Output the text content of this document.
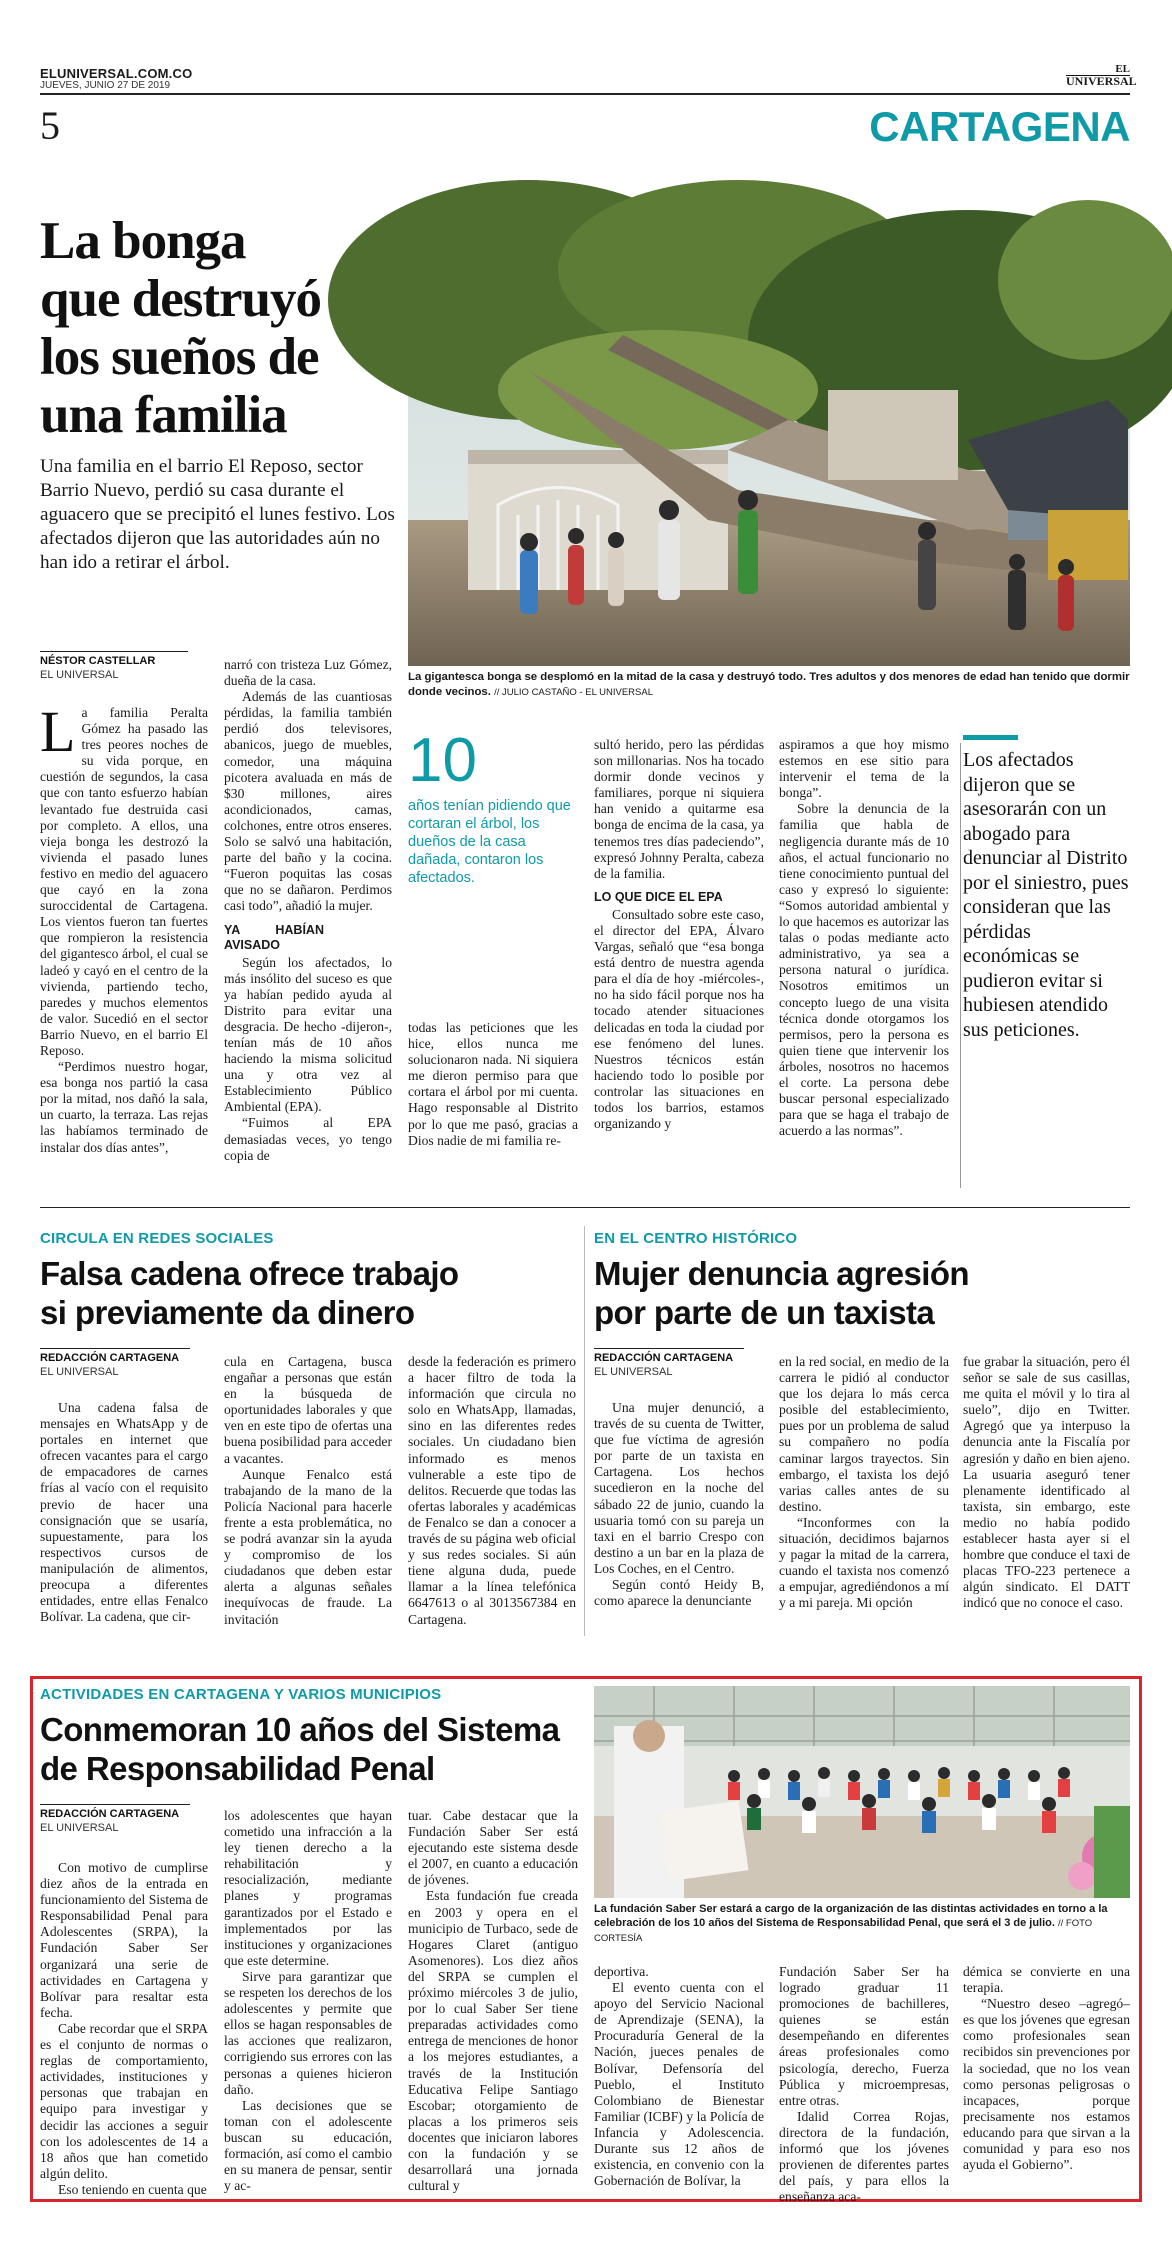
ELUNIVERSAL.COM.CO
JUEVES, JUNIO 27 DE 2019
EL
UNIVERSAL
5	CARTAGENA
La bonga
que destruyó
los sueños de
una familia
Una familia en el barrio El Reposo, sector Barrio Nuevo, perdió su casa durante el aguacero que se precipitó el lunes festivo. Los afectados dijeron que las autoridades aún no han ido a retirar el árbol.
La gigantesca bonga se desplomó en la mitad de la casa y destruyó todo. Tres adultos y dos menores de edad han tenido que dormir donde vecinos. // JULIO CASTAÑO - EL UNIVERSAL
NÉSTOR CASTELLAR
EL UNIVERSAL
L a familia Peralta Gómez ha pasado las tres peores noches de su vida porque, en cuestión de segundos, la casa que con tanto esfuerzo habían levantado fue destruida casi por completo. A ellos, una vieja bonga les destrozó la vivienda el pasado lunes festivo en medio del aguacero que cayó en la zona suroccidental de Cartagena. Los vientos fueron tan fuertes que rompieron la resistencia del gigantesco árbol, el cual se ladeó y cayó en el centro de la vivienda, partiendo techo, paredes y muchos elementos de valor. Sucedió en el sector Barrio Nuevo, en el barrio El Reposo.

“Perdimos nuestro hogar, esa bonga nos partió la casa por la mitad, nos dañó la sala, un cuarto, la terraza. Las rejas las habíamos terminado de instalar dos días antes”,

narró con tristeza Luz Gómez, dueña de la casa.

Además de las cuantiosas pérdidas, la familia también perdió dos televisores, abanicos, juego de muebles, comedor, una máquina picotera avaluada en más de $30 millones, aires acondicionados, camas, colchones, entre otros enseres. Solo se salvó una habitación, parte del baño y la cocina. “Fueron poquitas las cosas que no se dañaron. Perdimos casi todo”, añadió la mujer.

YA HABÍAN AVISADO

Según los afectados, lo más insólito del suceso es que ya habían pedido ayuda al Distrito para evitar una desgracia. De hecho -dijeron-, tenían más de 10 años haciendo la misma solicitud una y otra vez al Establecimiento Público Ambiental (EPA).

“Fuimos al EPA demasiadas veces, yo tengo copia de

10
años tenían pidiendo que cortaran el árbol, los dueños de la casa dañada, contaron los afectados.

todas las peticiones que les hice, ellos nunca me solucionaron nada. Ni siquiera me dieron permiso para que cortara el árbol por mi cuenta. Hago responsable al Distrito por lo que me pasó, gracias a Dios nadie de mi familia re-

sultó herido, pero las pérdidas son millonarias. Nos ha tocado dormir donde vecinos y familiares, porque ni siquiera han venido a quitarme esa bonga de encima de la casa, ya tenemos tres días padeciendo”, expresó Johnny Peralta, cabeza de la familia.

LO QUE DICE EL EPA

Consultado sobre este caso, el director del EPA, Álvaro Vargas, señaló que “esa bonga está dentro de nuestra agenda para el día de hoy -miércoles-, no ha sido fácil porque nos ha tocado atender situaciones delicadas en toda la ciudad por ese fenómeno del lunes. Nuestros técnicos están haciendo todo lo posible por controlar las situaciones en todos los barrios, estamos organizando y

aspiramos a que hoy mismo estemos en ese sitio para intervenir el tema de la bonga”.

Sobre la denuncia de la familia que habla de negligencia durante más de 10 años, el actual funcionario no tiene conocimiento puntual del caso y expresó lo siguiente: “Somos autoridad ambiental y lo que hacemos es autorizar las talas o podas mediante acto administrativo, ya sea a persona natural o jurídica. Nosotros emitimos un concepto luego de una visita técnica donde otorgamos los permisos, pero la persona es quien tiene que intervenir los árboles, nosotros no hacemos el corte. La persona debe buscar personal especializado para que se haga el trabajo de acuerdo a las normas”.

Los afectados dijeron que se asesorarán con un abogado para denunciar al Distrito por el siniestro, pues consideran que las pérdidas económicas se pudieron evitar si hubiesen atendido sus peticiones.
CIRCULA EN REDES SOCIALES
Falsa cadena ofrece trabajo
si previamente da dinero
REDACCIÓN CARTAGENA
EL UNIVERSAL

Una cadena falsa de mensajes en WhatsApp y de portales en internet que ofrecen vacantes para el cargo de empacadores de carnes frías al vacío con el requisito previo de hacer una consignación que se usaría, supuestamente, para los respectivos cursos de manipulación de alimentos, preocupa a diferentes entidades, entre ellas Fenalco Bolívar. La cadena, que cir-

cula en Cartagena, busca engañar a personas que están en la búsqueda de oportunidades laborales y que ven en este tipo de ofertas una buena posibilidad para acceder a vacantes.

Aunque Fenalco está trabajando de la mano de la Policía Nacional para hacerle frente a esta problemática, no se podrá avanzar sin la ayuda y compromiso de los ciudadanos que deben estar alerta a algunas señales inequívocas de fraude. La invitación

desde la federación es primero a hacer filtro de toda la información que circula no solo en WhatsApp, llamadas, sino en las diferentes redes sociales. Un ciudadano bien informado es menos vulnerable a este tipo de delitos. Recuerde que todas las ofertas laborales y académicas de Fenalco se dan a conocer a través de su página web oficial y sus redes sociales. Si aún tiene alguna duda, puede llamar a la línea telefónica 6647613 o al 3013567384 en Cartagena.

EN EL CENTRO HISTÓRICO
Mujer denuncia agresión
por parte de un taxista
REDACCIÓN CARTAGENA
EL UNIVERSAL

Una mujer denunció, a través de su cuenta de Twitter, que fue víctima de agresión por parte de un taxista en Cartagena. Los hechos sucedieron en la noche del sábado 22 de junio, cuando la usuaria tomó con su pareja un taxi en el barrio Crespo con destino a un bar en la plaza de Los Coches, en el Centro.

Según contó Heidy B, como aparece la denunciante

en la red social, en medio de la carrera le pidió al conductor que los dejara lo más cerca posible del establecimiento, pues por un problema de salud su compañero no podía caminar largos trayectos. Sin embargo, el taxista los dejó varias calles antes de su destino.

“Inconformes con la situación, decidimos bajarnos y pagar la mitad de la carrera, cuando el taxista nos comenzó a empujar, agrediéndonos a mí y a mi pareja. Mi opción

fue grabar la situación, pero él señor se sale de sus casillas, me quita el móvil y lo tira al suelo”, dijo en Twitter. Agregó que ya interpuso la denuncia ante la Fiscalía por agresión y daño en bien ajeno. La usuaria aseguró tener plenamente identificado al taxista, sin embargo, este medio no había podido establecer hasta ayer si el hombre que conduce el taxi de placas TFO-223 pertenece a algún sindicato. El DATT indicó que no conoce el caso.

ACTIVIDADES EN CARTAGENA Y VARIOS MUNICIPIOS
Conmemoran 10 años del Sistema
de Responsabilidad Penal
REDACCIÓN CARTAGENA
EL UNIVERSAL
La fundación Saber Ser estará a cargo de la organización de las distintas actividades en torno a la celebración de los 10 años del Sistema de Responsabilidad Penal, que será el 3 de julio. // FOTO CORTESÍA

Con motivo de cumplirse diez años de la entrada en funcionamiento del Sistema de Responsabilidad Penal para Adolescentes (SRPA), la Fundación Saber Ser organizará una serie de actividades en Cartagena y Bolívar para resaltar esta fecha.

Cabe recordar que el SRPA es el conjunto de normas o reglas de comportamiento, actividades, instituciones y personas que trabajan en equipo para investigar y decidir las acciones a seguir con los adolescentes de 14 a 18 años que han cometido algún delito.

Eso teniendo en cuenta que

los adolescentes que hayan cometido una infracción a la ley tienen derecho a la rehabilitación y resocialización, mediante planes y programas garantizados por el Estado e implementados por las instituciones y organizaciones que este determine.

Sirve para garantizar que se respeten los derechos de los adolescentes y permite que ellos se hagan responsables de las acciones que realizaron, corrigiendo sus errores con las personas a quienes hicieron daño.

Las decisiones que se toman con el adolescente buscan su educación, formación, así como el cambio en su manera de pensar, sentir y ac-

tuar. Cabe destacar que la Fundación Saber Ser está ejecutando este sistema desde el 2007, en cuanto a educación de jóvenes.

Esta fundación fue creada en 2003 y opera en el municipio de Turbaco, sede de Hogares Claret (antiguo Asomenores). Los diez años del SRPA se cumplen el próximo miércoles 3 de julio, por lo cual Saber Ser tiene preparadas actividades como entrega de menciones de honor a los mejores estudiantes, a través de la Institución Educativa Felipe Santiago Escobar; otorgamiento de placas a los primeros seis docentes que iniciaron labores con la fundación y se desarrollará una jornada cultural y

deportiva.

El evento cuenta con el apoyo del Servicio Nacional de Aprendizaje (SENA), la Procuraduría General de la Nación, jueces penales de Bolívar, Defensoría del Pueblo, el Instituto Colombiano de Bienestar Familiar (ICBF) y la Policía de Infancia y Adolescencia. Durante sus 12 años de existencia, en convenio con la Gobernación de Bolívar, la

Fundación Saber Ser ha logrado graduar 11 promociones de bachilleres, quienes se están desempeñando en diferentes áreas profesionales como psicología, derecho, Fuerza Pública y microempresas, entre otras.

Idalid Correa Rojas, directora de la fundación, informó que los jóvenes provienen de diferentes partes del país, y para ellos la enseñanza aca-

démica se convierte en una terapia.

“Nuestro deseo –agregó– es que los jóvenes que egresan como profesionales sean recibidos sin prevenciones por la sociedad, que no los vean como personas peligrosas o incapaces, porque precisamente nos estamos educando para que sirvan a la comunidad y para eso nos ayuda el Gobierno”.
